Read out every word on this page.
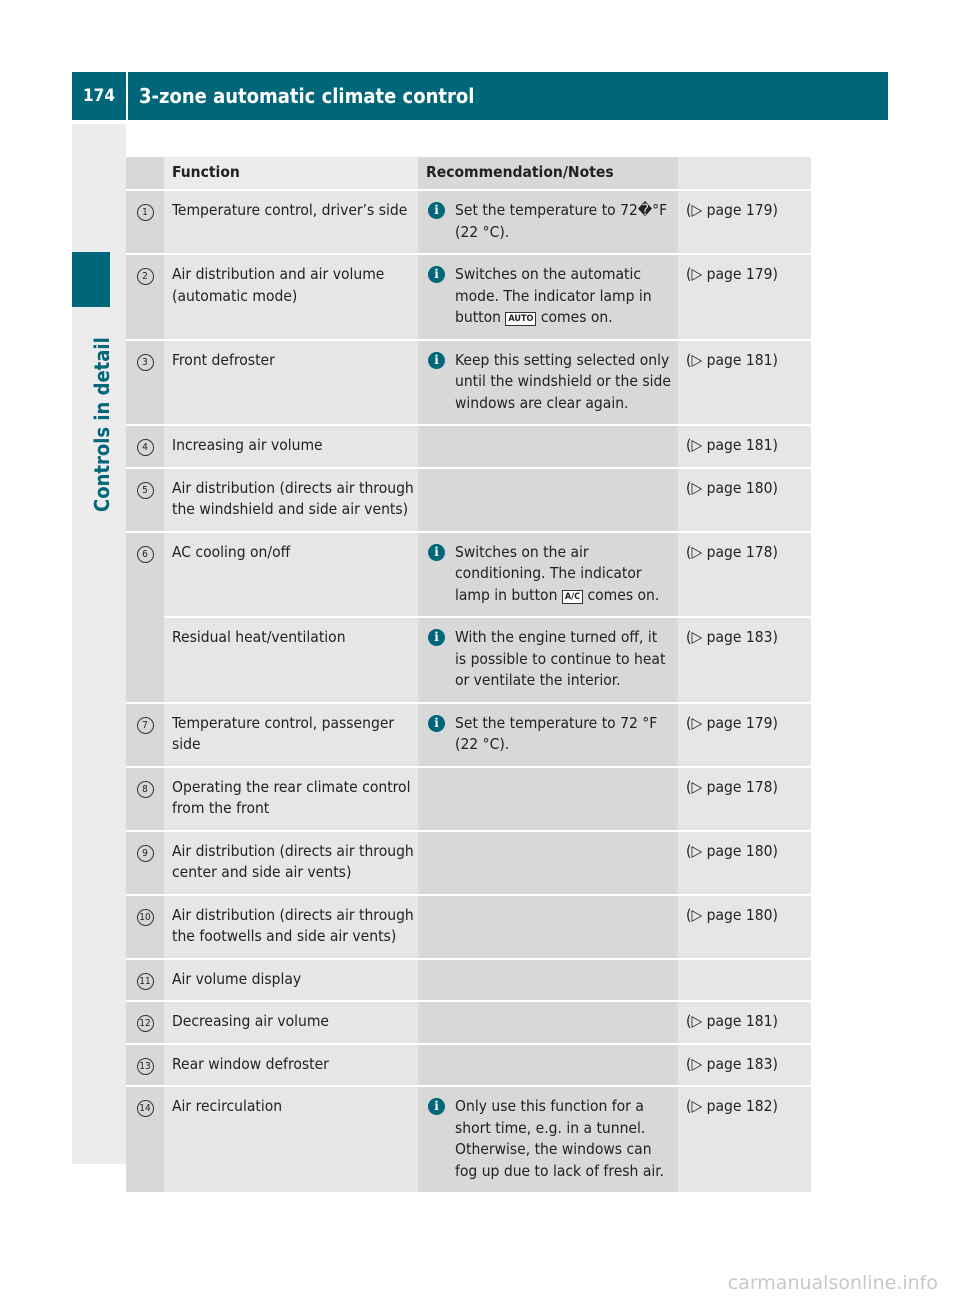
174	3-zone automatic climate control
Controls in detail
	Function	Recommendation/Notes	
1	Temperature control, driver’s side	i Set the temperature to 72�°F (22 °C).	(▷ page 179)
2	Air distribution and air volume (automatic mode)	i Switches on the automatic mode. The indicator lamp in button AUTO comes on.	(▷ page 179)
3	Front defroster	i Keep this setting selected only until the windshield or the side windows are clear again.	(▷ page 181)
4	Increasing air volume		(▷ page 181)
5	Air distribution (directs air through the windshield and side air vents)		(▷ page 180)
6	AC cooling on/off	i Switches on the air conditioning. The indicator lamp in button A/C comes on.	(▷ page 178)
	Residual heat/ventilation	i With the engine turned off, it is possible to continue to heat or ventilate the interior.	(▷ page 183)
7	Temperature control, passenger side	i Set the temperature to 72 °F (22 °C).	(▷ page 179)
8	Operating the rear climate control from the front		(▷ page 178)
9	Air distribution (directs air through center and side air vents)		(▷ page 180)
10	Air distribution (directs air through the footwells and side air vents)		(▷ page 180)
11	Air volume display		
12	Decreasing air volume		(▷ page 181)
13	Rear window defroster		(▷ page 183)
14	Air recirculation	i Only use this function for a short time, e.g. in a tunnel. Otherwise, the windows can fog up due to lack of fresh air.	(▷ page 182)
carmanualsonline.info
